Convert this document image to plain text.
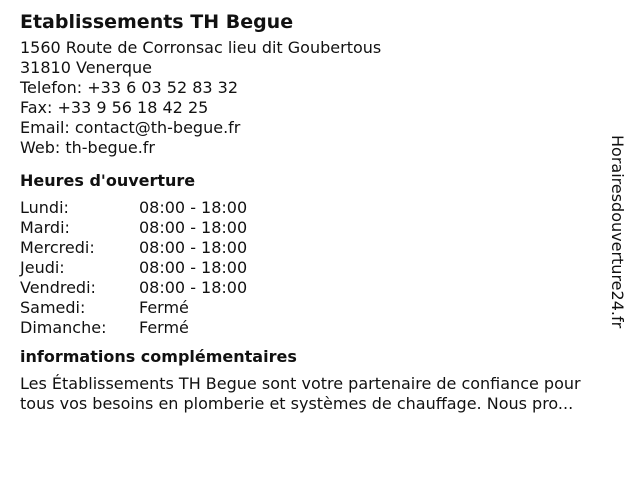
Etablissements TH Begue
1560 Route de Corronsac lieu dit Goubertous
31810 Venerque
Telefon: +33 6 03 52 83 32
Fax: +33 9 56 18 42 25
Email: contact@th-begue.fr
Web: th-begue.fr
Heures d'ouverture
Lundi:	08:00 - 18:00
Mardi:	08:00 - 18:00
Mercredi:	08:00 - 18:00
Jeudi:	08:00 - 18:00
Vendredi:	08:00 - 18:00
Samedi:	Fermé
Dimanche:	Fermé
informations complémentaires
Les Établissements TH Begue sont votre partenaire de confiance pour
tous vos besoins en plomberie et systèmes de chauffage. Nous pro...
Horairesdouverture24.fr
